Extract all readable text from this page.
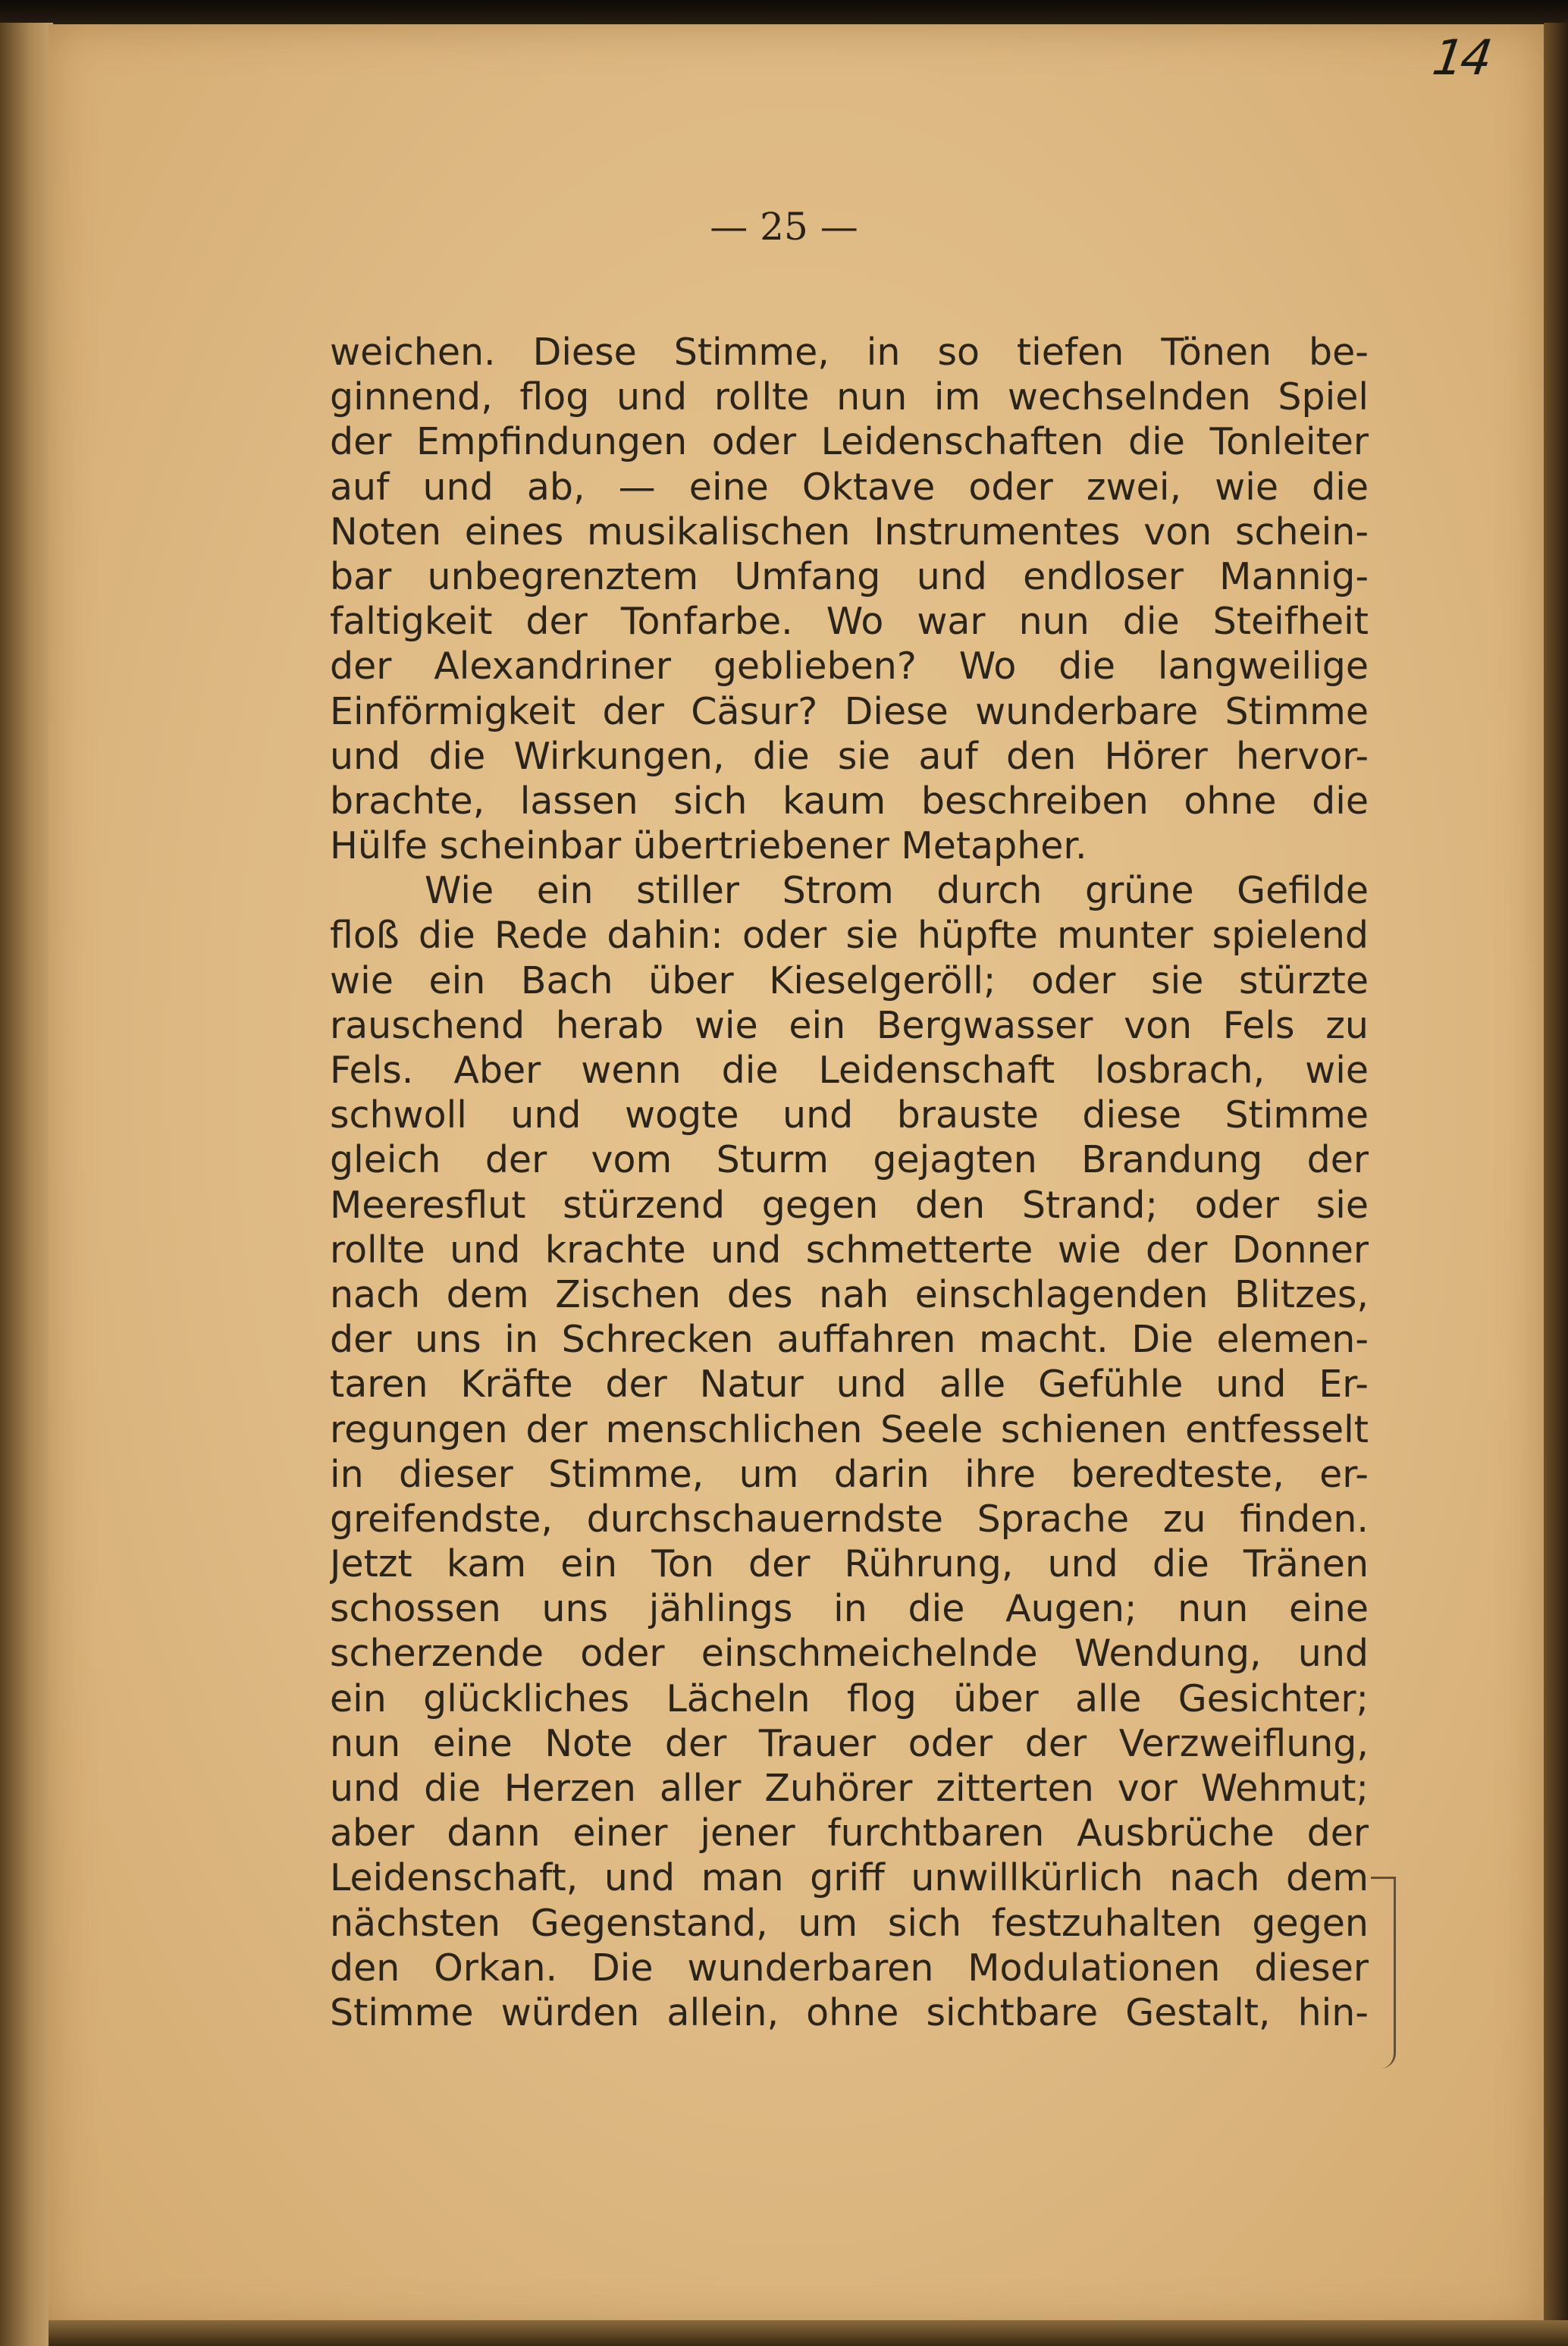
14
— 25 —
weichen. Diese Stimme, in so tiefen Tönen be-
ginnend, flog und rollte nun im wechselnden Spiel
der Empfindungen oder Leidenschaften die Tonleiter
auf und ab, — eine Oktave oder zwei, wie die
Noten eines musikalischen Instrumentes von schein-
bar unbegrenztem Umfang und endloser Mannig-
faltigkeit der Tonfarbe. Wo war nun die Steifheit
der Alexandriner geblieben? Wo die langweilige
Einförmigkeit der Cäsur? Diese wunderbare Stimme
und die Wirkungen, die sie auf den Hörer hervor-
brachte, lassen sich kaum beschreiben ohne die
Hülfe scheinbar übertriebener Metapher.
Wie ein stiller Strom durch grüne Gefilde
floß die Rede dahin: oder sie hüpfte munter spielend
wie ein Bach über Kieselgeröll; oder sie stürzte
rauschend herab wie ein Bergwasser von Fels zu
Fels. Aber wenn die Leidenschaft losbrach, wie
schwoll und wogte und brauste diese Stimme
gleich der vom Sturm gejagten Brandung der
Meeresflut stürzend gegen den Strand; oder sie
rollte und krachte und schmetterte wie der Donner
nach dem Zischen des nah einschlagenden Blitzes,
der uns in Schrecken auffahren macht. Die elemen-
taren Kräfte der Natur und alle Gefühle und Er-
regungen der menschlichen Seele schienen entfesselt
in dieser Stimme, um darin ihre beredteste, er-
greifendste, durchschauerndste Sprache zu finden.
Jetzt kam ein Ton der Rührung, und die Tränen
schossen uns jählings in die Augen; nun eine
scherzende oder einschmeichelnde Wendung, und
ein glückliches Lächeln flog über alle Gesichter;
nun eine Note der Trauer oder der Verzweiflung,
und die Herzen aller Zuhörer zitterten vor Wehmut;
aber dann einer jener furchtbaren Ausbrüche der
Leidenschaft, und man griff unwillkürlich nach dem
nächsten Gegenstand, um sich festzuhalten gegen
den Orkan. Die wunderbaren Modulationen dieser
Stimme würden allein, ohne sichtbare Gestalt, hin-
